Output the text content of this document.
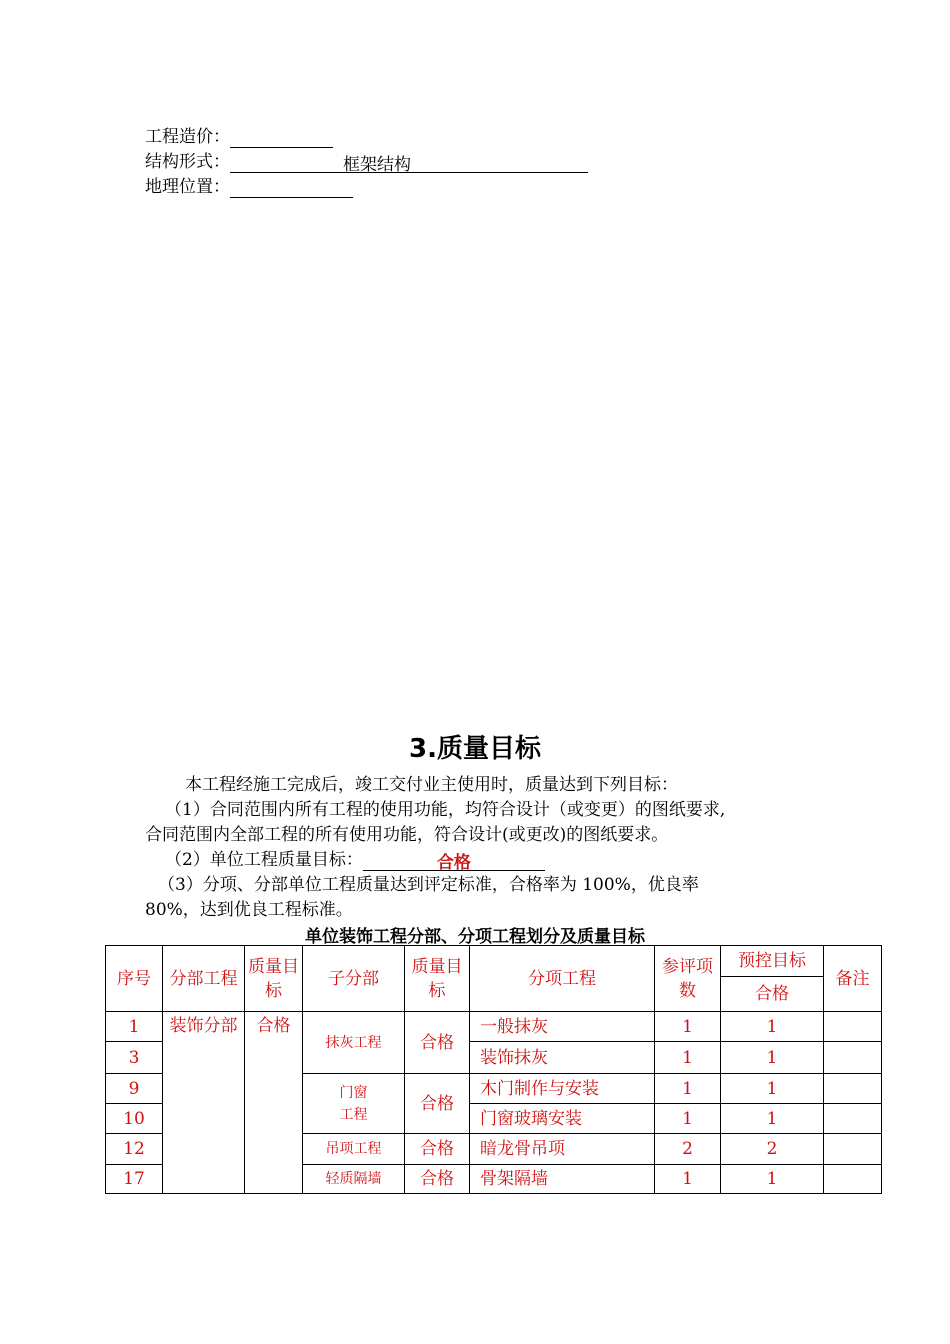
工程造价：
结构形式：	框架结构
地理位置：
3.质量目标
本工程经施工完成后，竣工交付业主使用时，质量达到下列目标：
（1）合同范围内所有工程的使用功能，均符合设计（或变更）的图纸要求,
合同范围内全部工程的所有使用功能，符合设计(或更改)的图纸要求。
（2）单位工程质量目标：	合格
（3）分项、分部单位工程质量达到评定标准，合格率为 100%，优良率
80%，达到优良工程标准。
单位装饰工程分部、分项工程划分及质量目标
序号	分部工程	质量目标	子分部	质量目标	分项工程	参评项数	预控目标	备注
							合格	
1	装饰分部	合格	抹灰工程	合格	一般抹灰	1	1	
3					装饰抹灰	1	1	
9			门窗工程	合格	木门制作与安装	1	1	
10					门窗玻璃安装	1	1	
12			吊项工程	合格	暗龙骨吊项	2	2	
17			轻质隔墙	合格	骨架隔墙	1	1	
